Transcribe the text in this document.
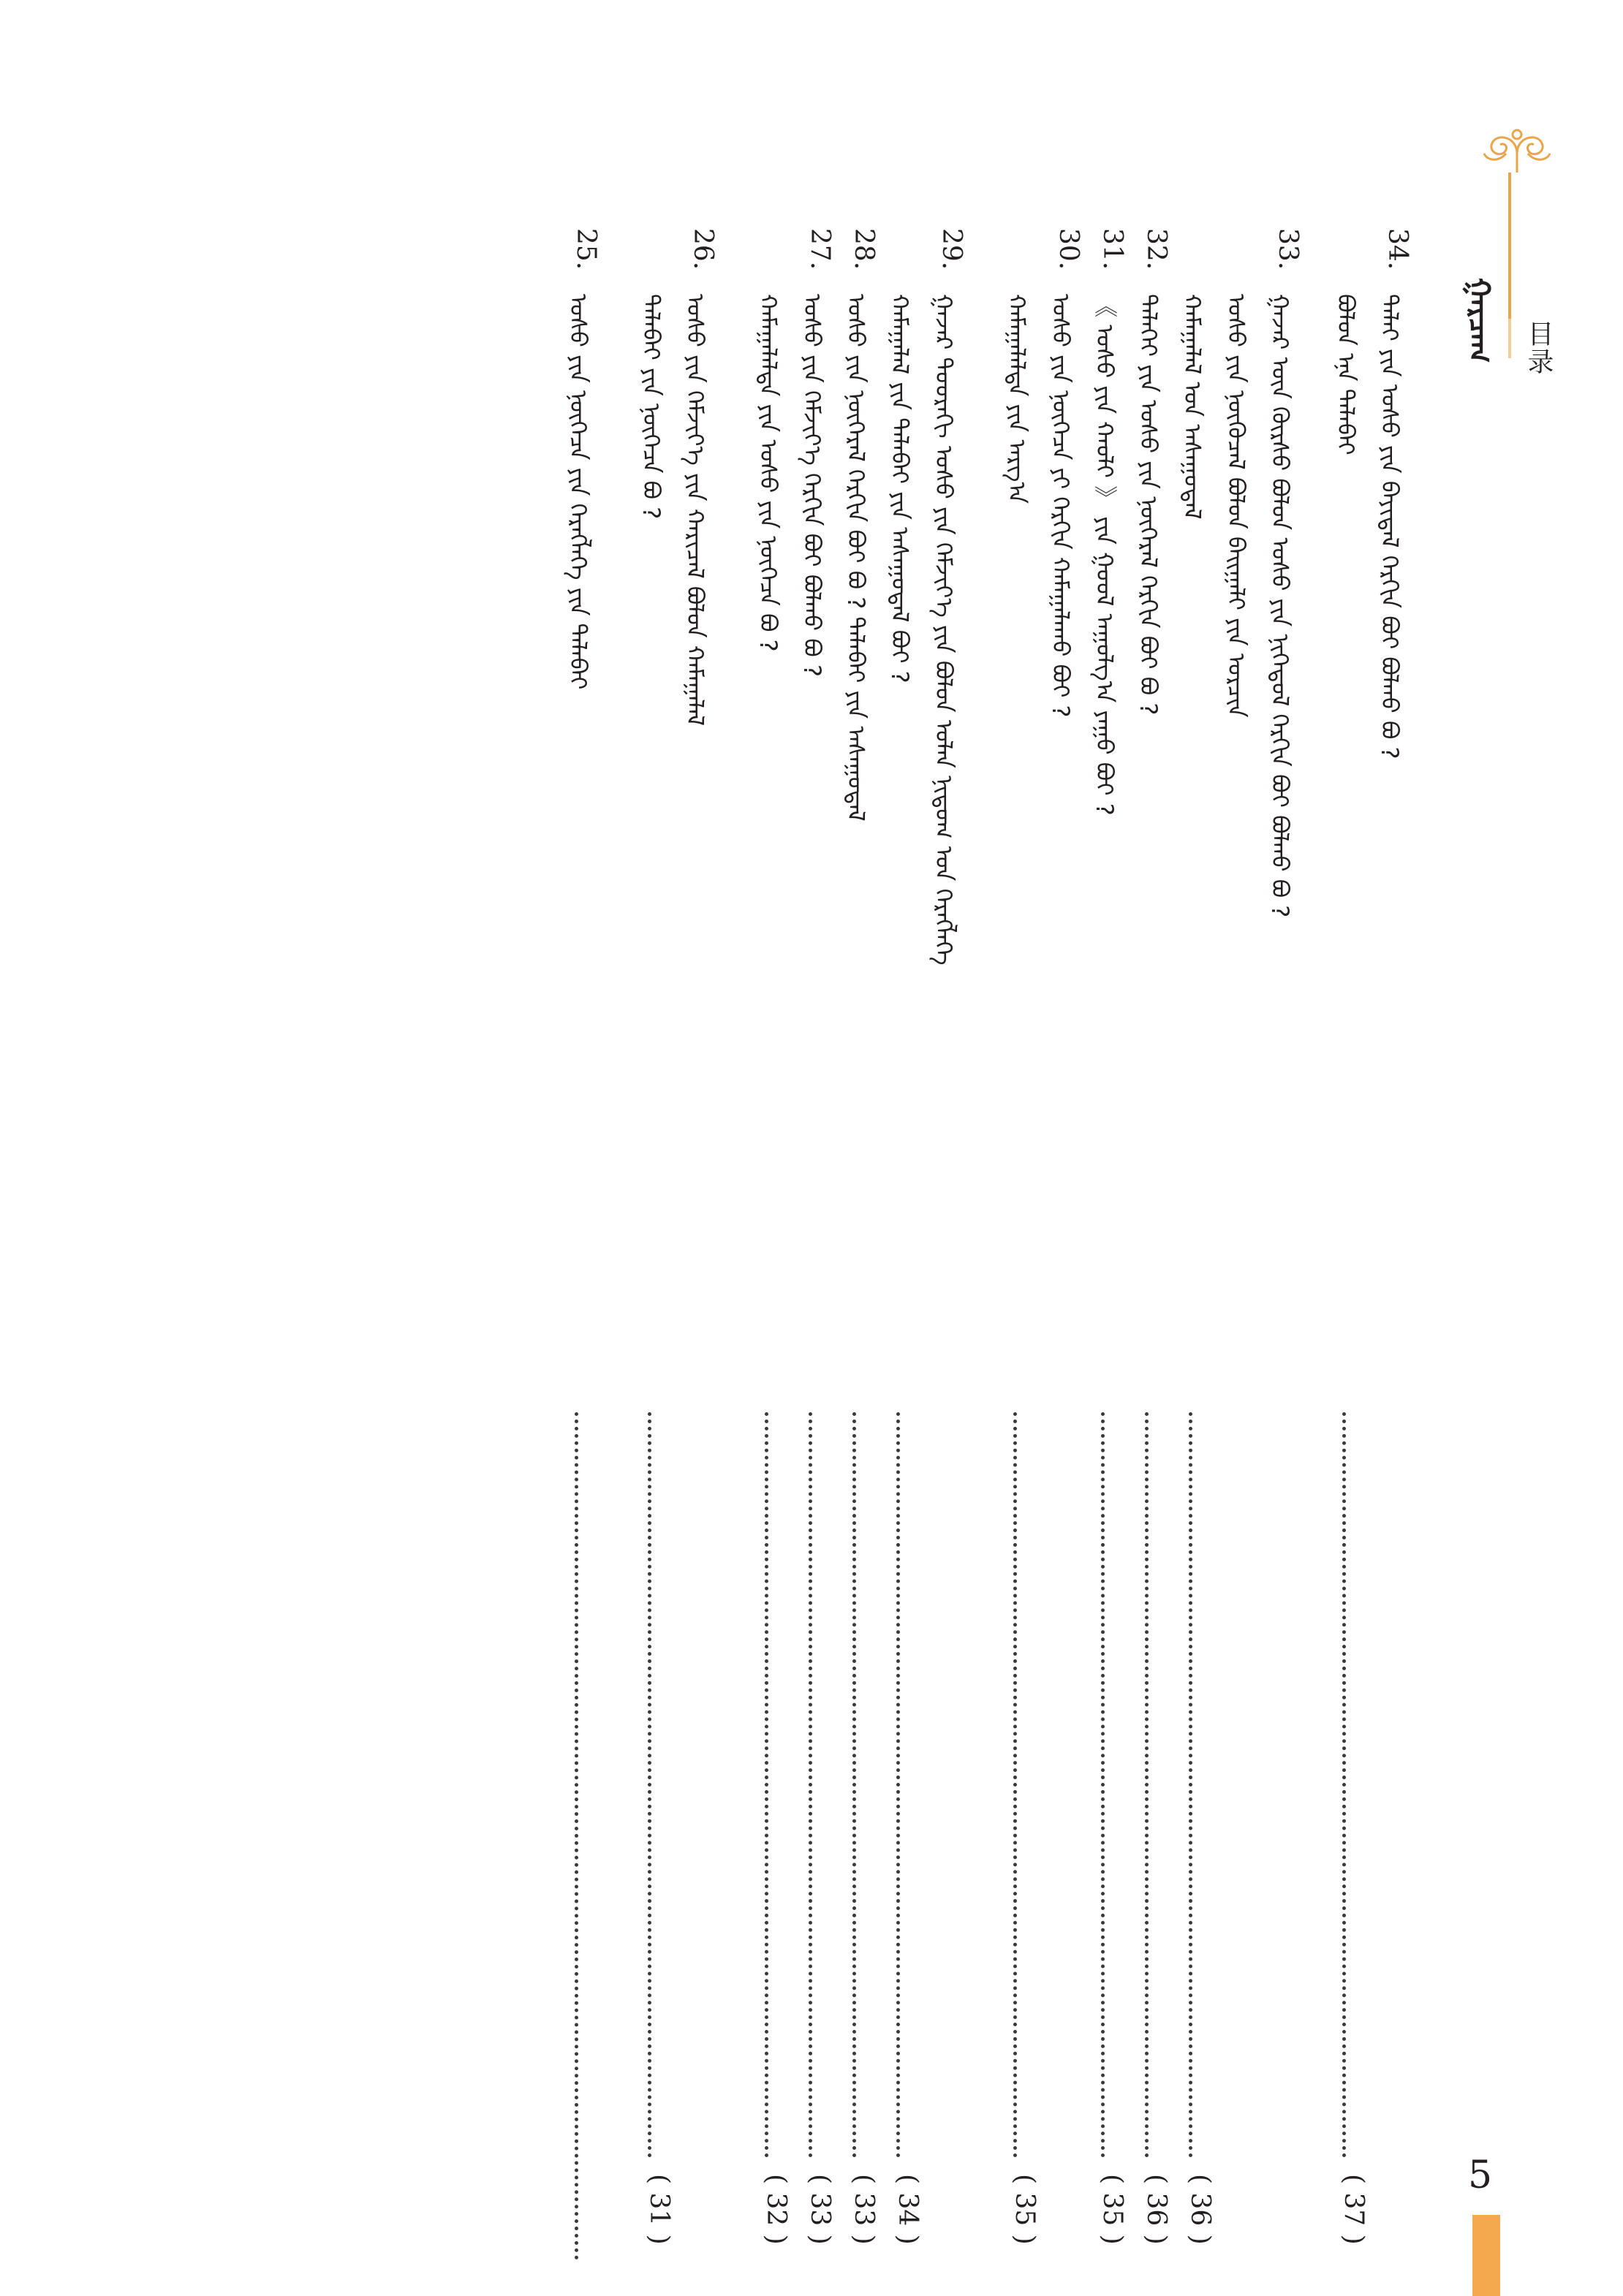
ᠭᠠᠷᠴᠠᠭ	目录
34.
ᠳᠠᠯᠠᠶ ᠶᠢᠨ ᠤᠰᠤ ᠶᠢᠨ ᠪᠠᠶᠢᠳᠠᠯ ᠬᠡᠷᠬᠢᠨ ᠪᠣᠢ ᠪᠣᠯᠬᠤ ᠪᠤ ?
ᠪᠣᠯᠣᠨ ᠡᠨᠡ ᠲᠠᠯᠠᠪᠠᠢ
( 37 )
33.
ᠭᠠᠵᠠᠷ ᠦᠨ ᠬᠥᠷᠰᠦ ᠪᠣᠯᠣᠨ ᠤᠰᠤ ᠶᠢᠨ ᠨᠢᠭᠡᠳᠦᠯ ᠬᠡᠷᠬᠢᠨ ᠪᠣᠢ ᠪᠣᠯᠬᠤ ᠪᠤ ?
ᠤᠰᠤ ᠶᠢᠨ ᠨᠥᠬᠦᠴᠡᠯ ᠪᠣᠯᠣᠨ ᠪᠠᠢᠭᠠᠯᠢ ᠶᠢᠨ ᠣᠷᠴᠢᠨ
ᠬᠠᠮᠠᠭᠠᠯᠠᠯ ᠤᠨ ᠠᠰᠠᠭᠤᠳᠠᠯ
( 36 )
32.
ᠳᠡᠯᠡᠬᠡᠢ ᠶᠢᠨ ᠤᠰᠤ ᠶᠢᠨ ᠨᠥᠬᠡᠷᠡᠯ ᠬᠡᠷᠬᠢᠨ ᠪᠤᠢ ᠪᠤ ?
( 36 )
31.
《 ᠤᠰᠤ ᠶᠢᠨ ᠬᠠᠤᠯᠢ 》 ᠶᠢᠨ ᠭᠣᠣᠯ ᠠᠭᠤᠯᠭ᠎ᠠ ᠶᠠᠭᠤ ᠪᠤᠢ ?
( 35 )
30.
ᠤᠰᠤ ᠶᠢᠨ ᠨᠥᠭᠡᠴᠡ ᠶᠢ ᠬᠡᠷᠬᠢᠨ ᠬᠠᠮᠠᠭᠠᠯᠠᠬᠤ ᠪᠤᠢ ?
ᠬᠠᠮᠠᠭᠠᠯᠠᠯᠲᠠ ᠶᠢᠨ ᠠᠷᠭ᠎ᠠ
( 35 )
29.
ᠭᠠᠵᠠᠷ ᠳᠣᠣᠷᠠᠬᠢ ᠤᠰᠤ ᠶᠢᠨ ᠬᠡᠮᠵᠢᠶ᠎ᠡ ᠶᠢᠨ ᠪᠣᠯᠣᠨ ᠣᠯᠠᠨ ᠨᠢᠳᠤᠭ ᠤᠨ ᠬᠡᠷᠡᠭᠯᠡᠭᠡ
ᠬᠠᠮᠠᠭᠠᠯᠠᠯ ᠶᠢᠨ ᠲᠠᠯᠠᠪᠠᠢ ᠶᠢᠨ ᠠᠰᠠᠭᠤᠳᠠᠯ ᠪᠤᠢ ?
( 34 )
28.
ᠤᠰᠤ ᠶᠢᠨ ᠨᠥᠬᠡᠷᠡᠯ ᠬᠡᠷᠬᠢᠨ ᠪᠤᠢ ᠪᠤ ? ᠲᠠᠯᠠᠪᠠᠢ ᠶᠢᠨ ᠠᠰᠠᠭᠤᠳᠠᠯ
( 33 )
27.
ᠤᠰᠤ ᠶᠢᠨ ᠬᠡᠮᠵᠢᠶ᠎ᠡ ᠬᠡᠷᠬᠢᠨ ᠪᠣᠢ ᠪᠣᠯᠬᠤ ᠪᠤ ?
( 33 )
ᠬᠠᠮᠠᠭᠠᠯᠠᠯᠲᠠ ᠶᠢᠨ ᠤᠰᠤ ᠶᠢᠨ ᠨᠥᠬᠡᠴᠡ ᠪᠤ ?
( 32 )
26.
ᠤᠰᠤ ᠶᠢᠨ ᠬᠡᠮᠵᠢᠶ᠎ᠡ ᠶᠢᠨ ᠬᠠᠷᠢᠴᠠᠯ ᠪᠣᠯᠣᠨ ᠬᠠᠮᠠᠭᠠᠯᠠᠯ
ᠲᠠᠯᠠᠪᠠᠢ ᠶᠢᠨ ᠨᠥᠬᠡᠴᠡ ᠪᠤ ?
( 31 )
25.
ᠤᠰᠤ ᠶᠢᠨ ᠨᠥᠭᠡᠴᠡ ᠶᠢᠨ ᠬᠡᠷᠡᠭᠯᠡᠭᠡ ᠶᠢᠨ ᠲᠠᠯᠠᠪᠠᠢ
5
